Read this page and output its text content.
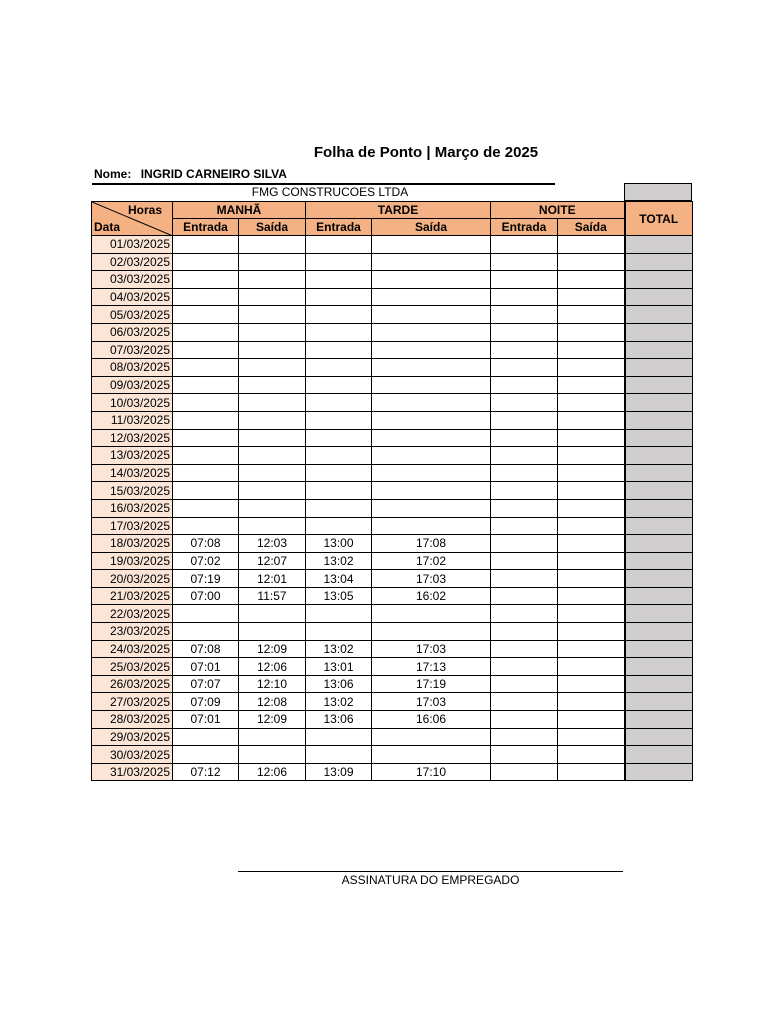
Folha de Ponto | Março de 2025
Nome: INGRID CARNEIRO SILVA
FMG CONSTRUCOES LTDA
Horas
Data	MANHÃ		TARDE		NOITE		TOTAL
	Entrada	Saída	Entrada	Saída	Entrada	Saída	
01/03/2025							
02/03/2025							
03/03/2025							
04/03/2025							
05/03/2025							
06/03/2025							
07/03/2025							
08/03/2025							
09/03/2025							
10/03/2025							
11/03/2025							
12/03/2025							
13/03/2025							
14/03/2025							
15/03/2025							
16/03/2025							
17/03/2025							
18/03/2025	07:08	12:03	13:00	17:08			
19/03/2025	07:02	12:07	13:02	17:02			
20/03/2025	07:19	12:01	13:04	17:03			
21/03/2025	07:00	11:57	13:05	16:02			
22/03/2025							
23/03/2025							
24/03/2025	07:08	12:09	13:02	17:03			
25/03/2025	07:01	12:06	13:01	17:13			
26/03/2025	07:07	12:10	13:06	17:19			
27/03/2025	07:09	12:08	13:02	17:03			
28/03/2025	07:01	12:09	13:06	16:06			
29/03/2025							
30/03/2025							
31/03/2025	07:12	12:06	13:09	17:10			
ASSINATURA DO EMPREGADO
